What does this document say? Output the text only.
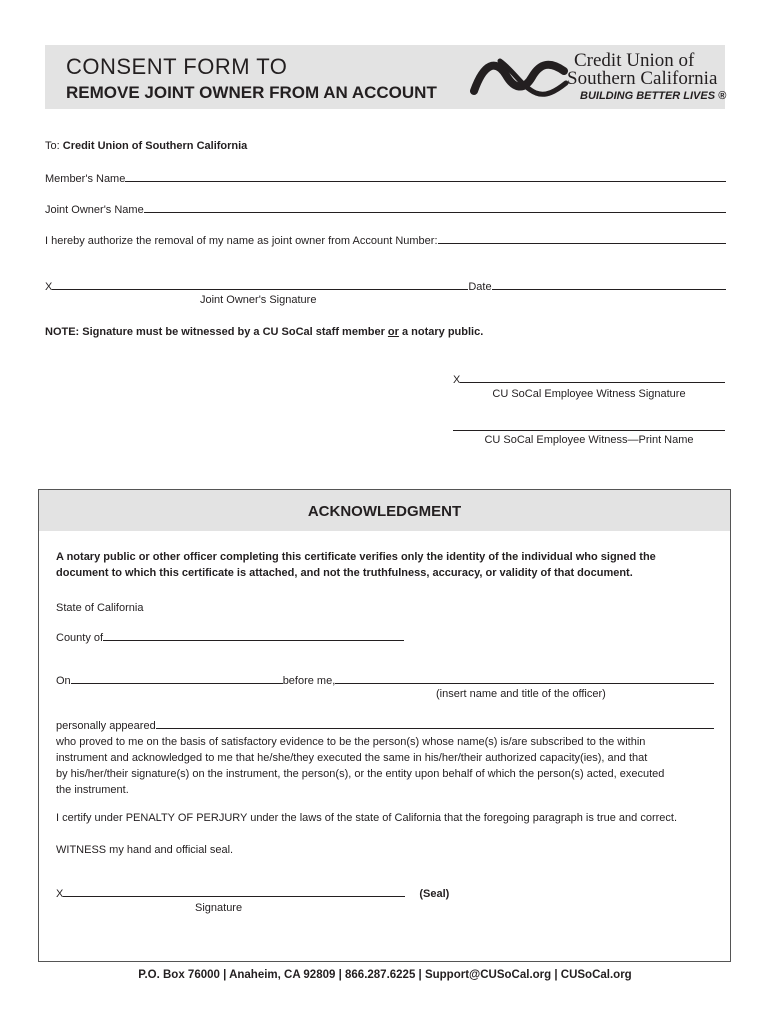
CONSENT FORM TO
REMOVE JOINT OWNER FROM AN ACCOUNT
Credit Union of
Southern California
BUILDING BETTER LIVES ®
To: Credit Union of Southern California
Member's Name
Joint Owner's Name
I hereby authorize the removal of my name as joint owner from Account Number:
X	Date
Joint Owner's Signature
NOTE: Signature must be witnessed by a CU SoCal staff member or a notary public.
X
CU SoCal Employee Witness Signature
CU SoCal Employee Witness—Print Name
ACKNOWLEDGMENT
A notary public or other officer completing this certificate verifies only the identity of the individual who signed the
document to which this certificate is attached, and not the truthfulness, accuracy, or validity of that document.
State of California
County of
On	before me,
(insert name and title of the officer)
personally appeared
who proved to me on the basis of satisfactory evidence to be the person(s) whose name(s) is/are subscribed to the within
instrument and acknowledged to me that he/she/they executed the same in his/her/their authorized capacity(ies), and that
by his/her/their signature(s) on the instrument, the person(s), or the entity upon behalf of which the person(s) acted, executed
the instrument.
I certify under PENALTY OF PERJURY under the laws of the state of California that the foregoing paragraph is true and correct.
WITNESS my hand and official seal.
X	(Seal)
Signature
P.O. Box 76000 | Anaheim, CA 92809 | 866.287.6225 | Support@CUSoCal.org | CUSoCal.org
